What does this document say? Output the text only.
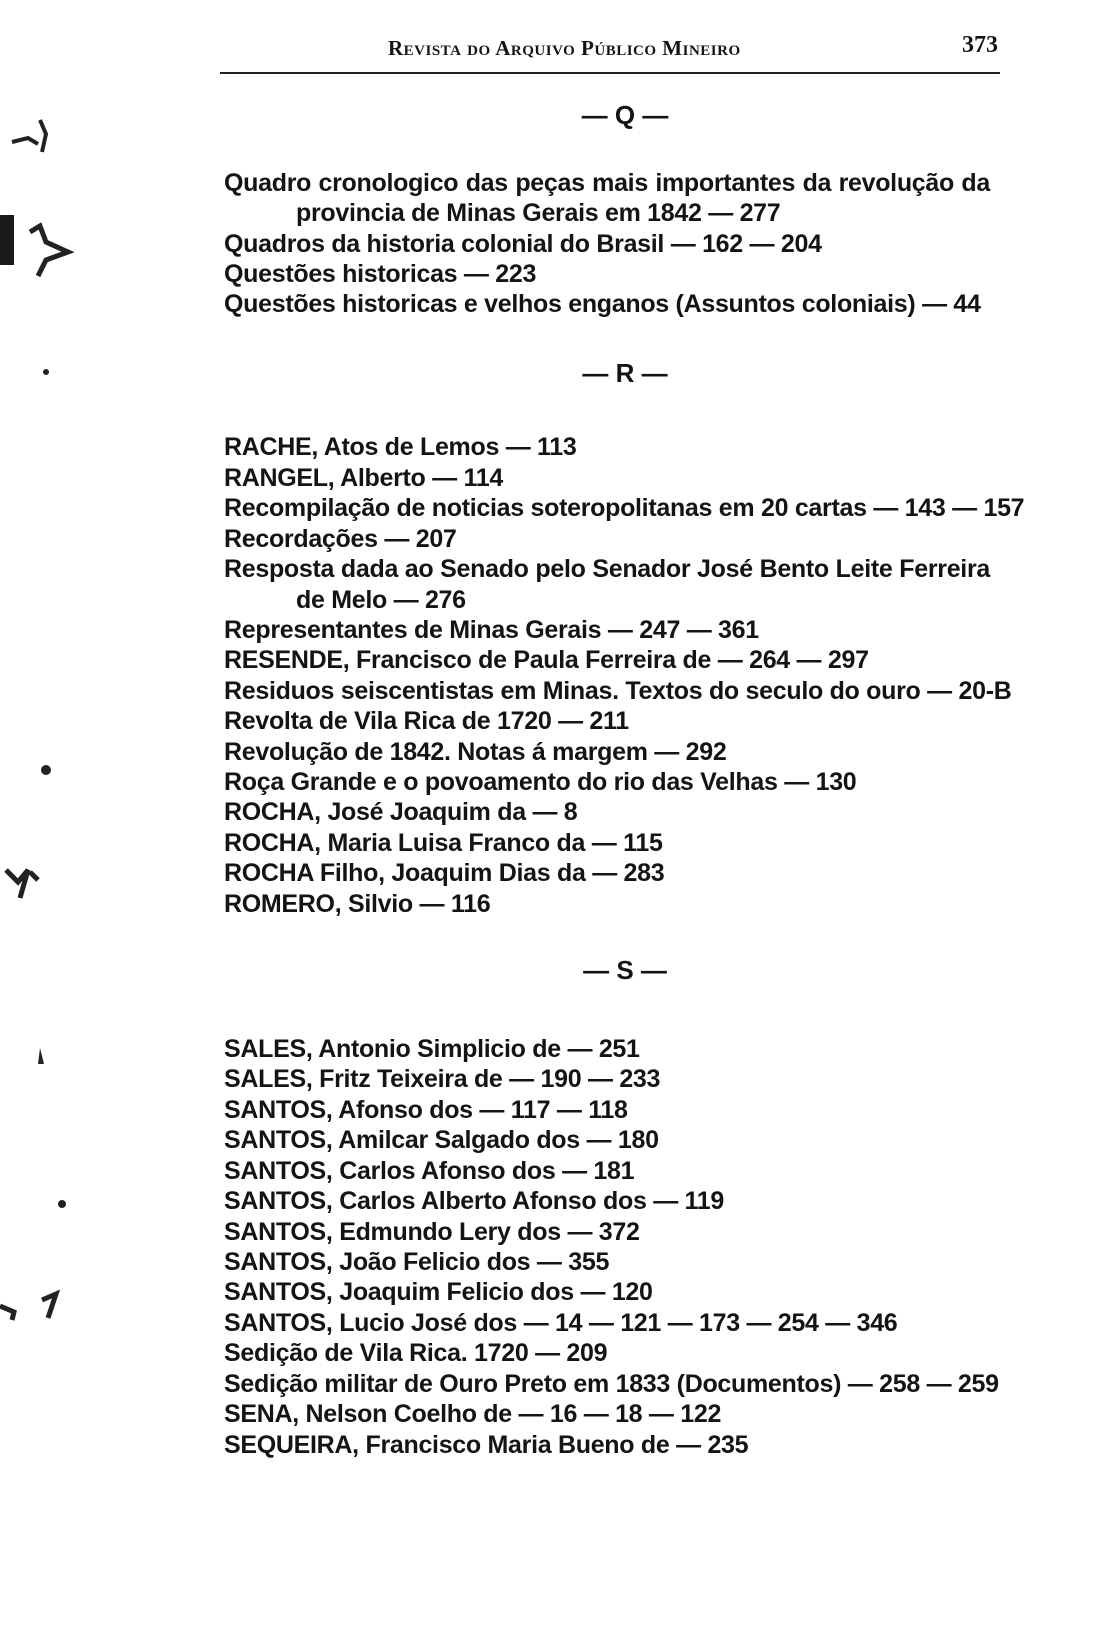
Revista do Arquivo Público Mineiro	373
— Q —
Quadro cronologico das peças mais importantes da revolução da
provincia de Minas Gerais em 1842 — 277
Quadros da historia colonial do Brasil — 162 — 204
Questões historicas — 223
Questões historicas e velhos enganos (Assuntos coloniais) — 44
— R —
RACHE, Atos de Lemos — 113
RANGEL, Alberto — 114
Recompilação de noticias soteropolitanas em 20 cartas — 143 — 157
Recordações — 207
Resposta dada ao Senado pelo Senador José Bento Leite Ferreira
de Melo — 276
Representantes de Minas Gerais — 247 — 361
RESENDE, Francisco de Paula Ferreira de — 264 — 297
Residuos seiscentistas em Minas. Textos do seculo do ouro — 20-B
Revolta de Vila Rica de 1720 — 211
Revolução de 1842. Notas á margem — 292
Roça Grande e o povoamento do rio das Velhas — 130
ROCHA, José Joaquim da — 8
ROCHA, Maria Luisa Franco da — 115
ROCHA Filho, Joaquim Dias da — 283
ROMERO, Silvio — 116
— S —
SALES, Antonio Simplicio de — 251
SALES, Fritz Teixeira de — 190 — 233
SANTOS, Afonso dos — 117 — 118
SANTOS, Amilcar Salgado dos — 180
SANTOS, Carlos Afonso dos — 181
SANTOS, Carlos Alberto Afonso dos — 119
SANTOS, Edmundo Lery dos — 372
SANTOS, João Felicio dos — 355
SANTOS, Joaquim Felicio dos — 120
SANTOS, Lucio José dos — 14 — 121 — 173 — 254 — 346
Sedição de Vila Rica. 1720 — 209
Sedição militar de Ouro Preto em 1833 (Documentos) — 258 — 259
SENA, Nelson Coelho de — 16 — 18 — 122
SEQUEIRA, Francisco Maria Bueno de — 235
